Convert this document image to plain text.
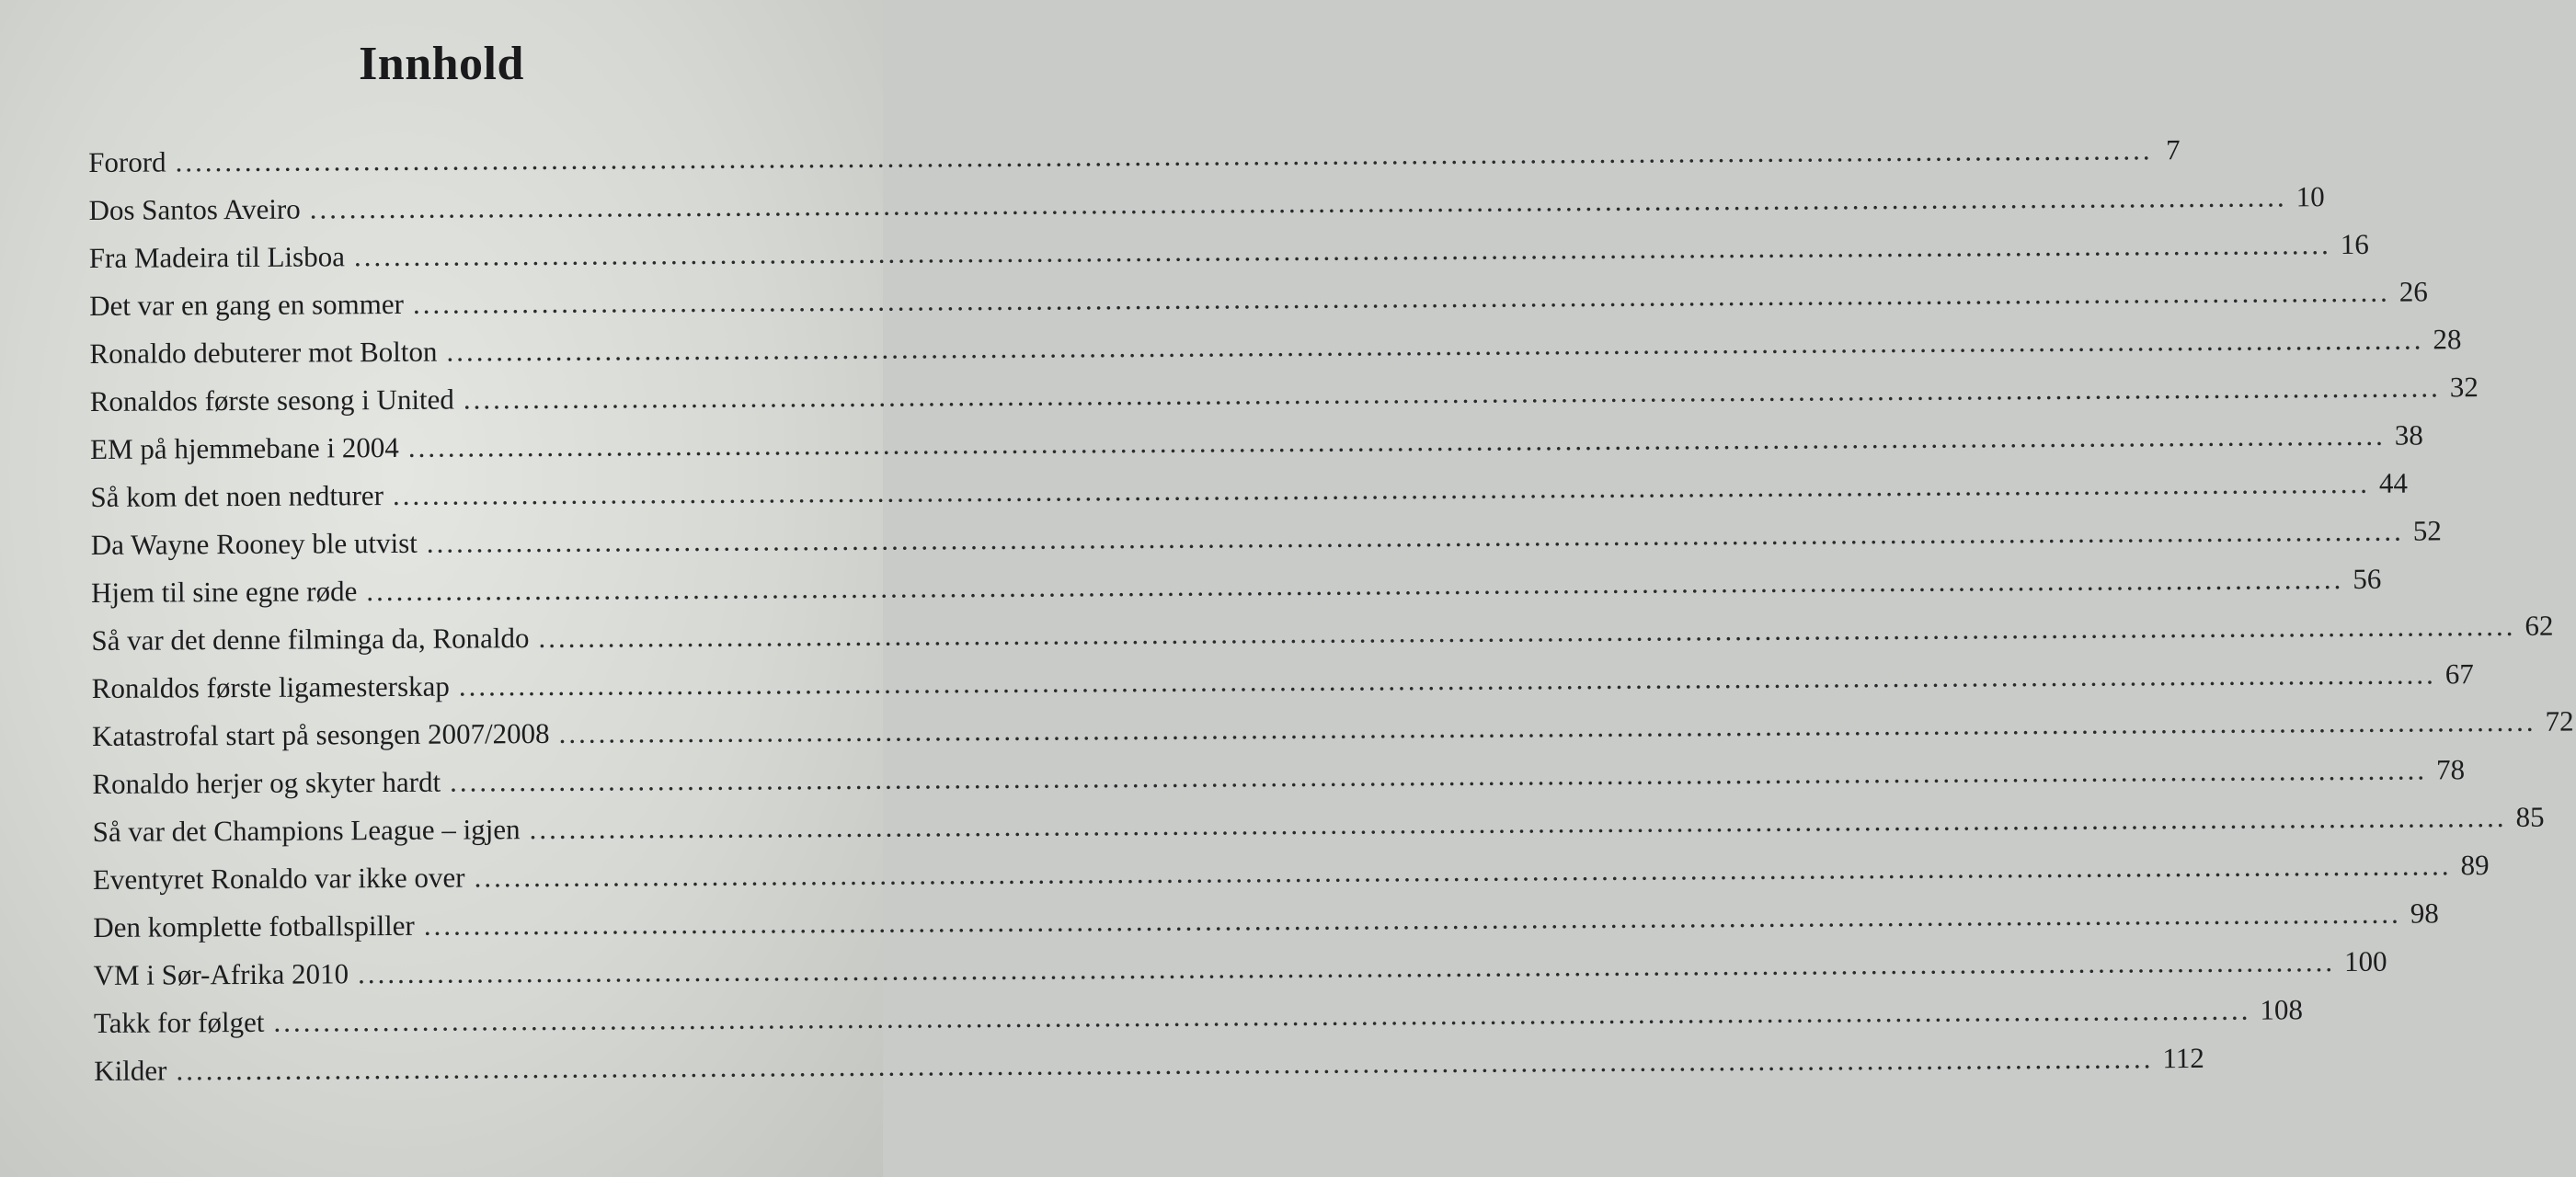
Innhold
Forord ........................................................................................................................................................................................................ 7
Dos Santos Aveiro ........................................................................................................................................................................................................ 10
Fra Madeira til Lisboa ........................................................................................................................................................................................................ 16
Det var en gang en sommer ........................................................................................................................................................................................................ 26
Ronaldo debuterer mot Bolton ........................................................................................................................................................................................................ 28
Ronaldos første sesong i United ........................................................................................................................................................................................................ 32
EM på hjemmebane i 2004 ........................................................................................................................................................................................................ 38
Så kom det noen nedturer ........................................................................................................................................................................................................ 44
Da Wayne Rooney ble utvist ........................................................................................................................................................................................................ 52
Hjem til sine egne røde ........................................................................................................................................................................................................ 56
Så var det denne filminga da, Ronaldo ........................................................................................................................................................................................................ 62
Ronaldos første ligamesterskap ........................................................................................................................................................................................................ 67
Katastrofal start på sesongen 2007/2008 ........................................................................................................................................................................................................ 72
Ronaldo herjer og skyter hardt ........................................................................................................................................................................................................ 78
Så var det Champions League – igjen ........................................................................................................................................................................................................ 85
Eventyret Ronaldo var ikke over ........................................................................................................................................................................................................ 89
Den komplette fotballspiller ........................................................................................................................................................................................................ 98
VM i Sør-Afrika 2010 ........................................................................................................................................................................................................ 100
Takk for følget ........................................................................................................................................................................................................ 108
Kilder ........................................................................................................................................................................................................ 112
